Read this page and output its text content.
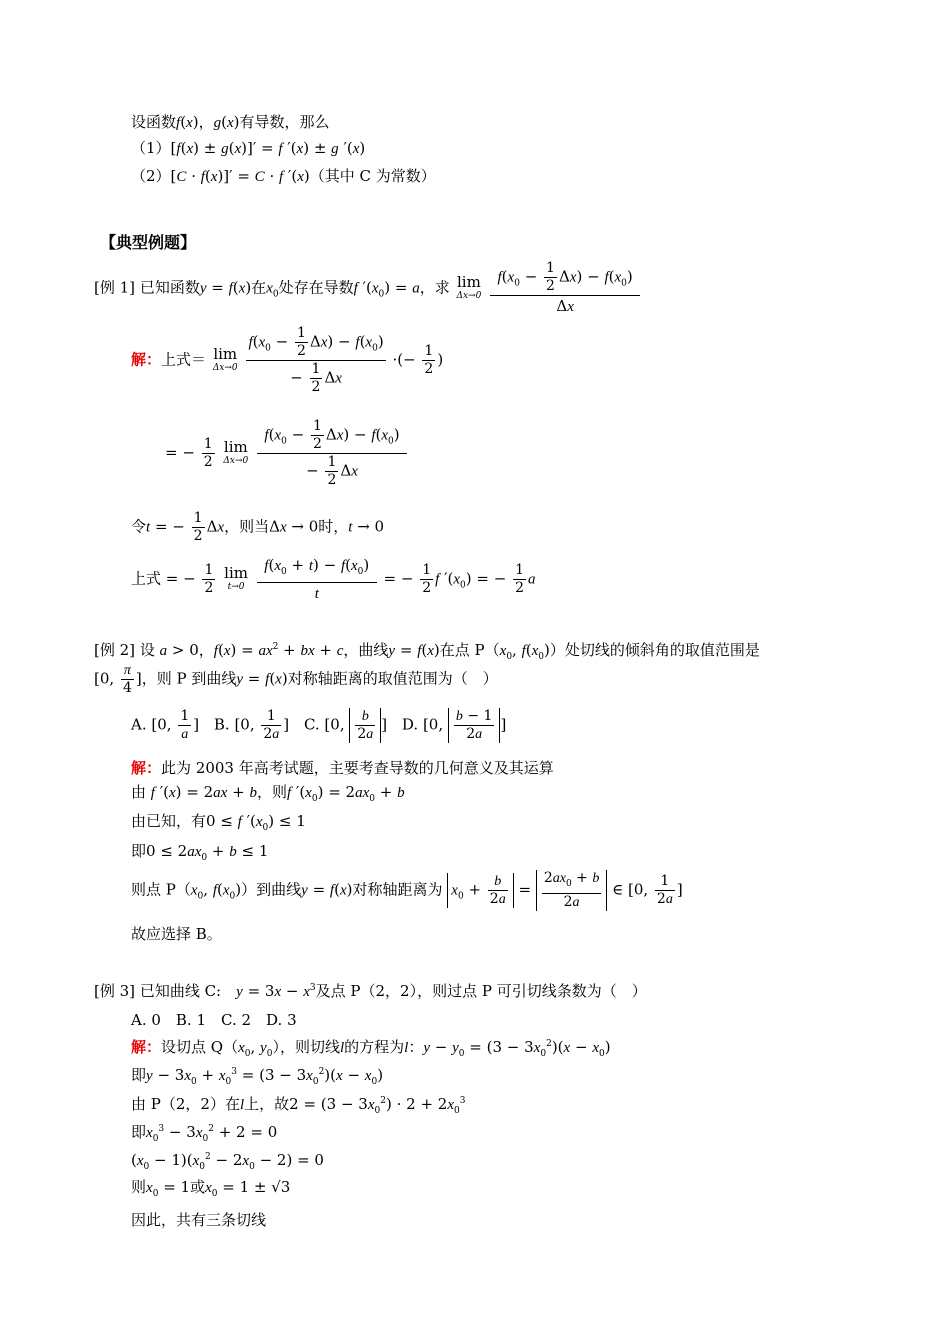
设函数f(x)，g(x)有导数，那么
（1）[f(x) ± g(x)]′ = f ′(x) ± g ′(x)
（2）[C · f(x)]′ = C · f ′(x)（其中 C 为常数）
【典型例题】
[例 1] 已知函数y = f(x)在$x_0$处存在导数f $'(x_0) = a$，求 lim
Δx→0
$\frac{f(x_0 - \frac{1}{2} \Delta x) - f(x_0)}{\Delta x}$
解：上式＝ lim
Δx→0
$\frac{f(x_0 - \frac{1}{2} \Delta x) - f(x_0)}{- \frac{1}{2} \Delta x}$ ·(− $\frac{1}{2}$ )
= − $\frac{1}{2}$
lim
Δx→0
$\frac{f(x_0 - \frac{1}{2} \Delta x) - f(x_0)}{- \frac{1}{2} \Delta x}$
令t = − $\frac{1}{2}$ Δx，则当Δx → 0时，t → 0
上式 = − $\frac{1}{2}$
lim
t→0
$\frac{f(x_0 + t) - f(x_0)}{t}$ = − $\frac{1}{2}$ f $'(x_0)$ = − $\frac{1}{2}$ a
[例 2] 设 a > 0，$f(x) = ax^2$ + bx + c，曲线y = f(x)在点 $P(x_0$, $f(x_0)$）处切线的倾斜角的取值范围是
[0, $\frac{\pi}{4}$ ]，则 P 到曲线y = f(x)对称轴距离的取值范围为（　）
A. [0, $\frac{1}{a}$ ] B. [0, $\frac{1}{2a}$ ] C. [0, $\frac{b}{2a}$ ] D. [0, $\frac{b - 1}{2a}$ ]
解：此为 2003 年高考试题，主要考查导数的几何意义及其运算
由 f ′(x) = 2ax + b，则f $'(x_0) = 2ax_0 + b$
由已知，有0 ≤ f $'(x_0) \le 1$
即$0 \le 2ax_0 + b \le 1$
则点 $P(x_0$, $f(x_0)$）到曲线y = f(x)对称轴距离为 $x_0 + \frac{b}{2a} = \frac{2ax_0 + b}{2a}$ ∈ [0, $\frac{1}{2a}$ ]
故应选择 B。
[例 3] 已知曲线 C:　 $y = 3x - x^3$及点 P（2，2），则过点 P 可引切线条数为（　）
A. 0　B. 1　C. 2　D. 3
解：设切点 $Q(x_0$, $y_0$），则切线l的方程为l：$y - y_0 = (3 - 3x_0^2)(x - x_0)$
即$y - 3x_0 + x_0^3 = (3 - 3x_0^2)(x - x_0)$
由 P（2，2）在l上，故$2 = (3 - 3x_0^2) \cdot 2 + 2x_0^3$
即$x_0^3 - 3x_0^2 + 2 = 0$
$(x_0 - 1)(x_0^2 - 2x_0 - 2) = 0$
则$x_0 = 1$或$x_0 = 1 \pm √3$
因此，共有三条切线
